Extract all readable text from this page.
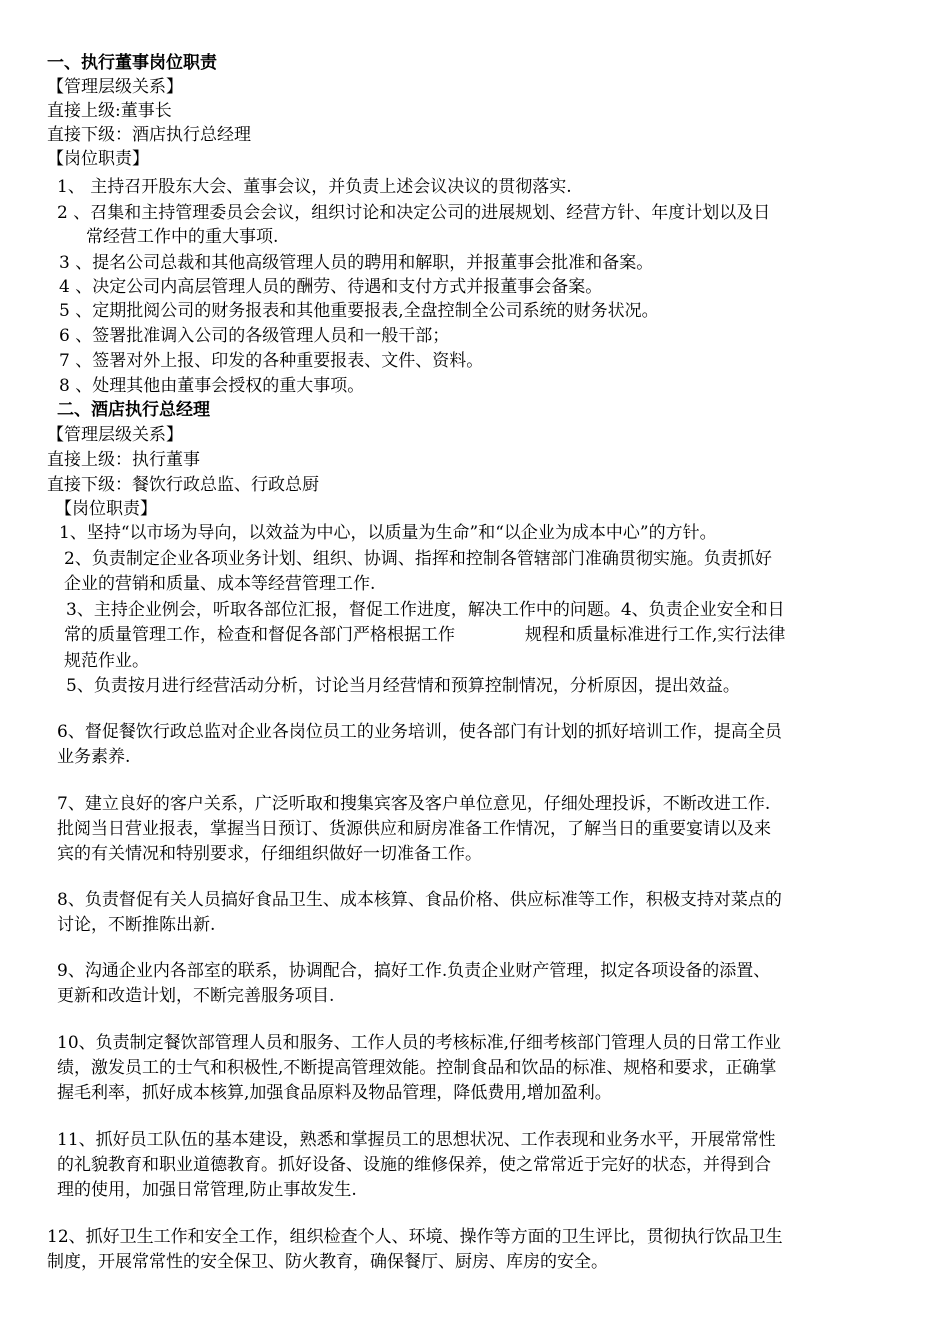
一、执行董事岗位职责
【管理层级关系】
直接上级:董事长
直接下级：酒店执行总经理
【岗位职责】
1、 主持召开股东大会、董事会议，并负责上述会议决议的贯彻落实.
2 、召集和主持管理委员会会议，组织讨论和决定公司的进展规划、经营方针、年度计划以及日
常经营工作中的重大事项.
3 、提名公司总裁和其他高级管理人员的聘用和解职，并报董事会批准和备案。
4 、决定公司内高层管理人员的酬劳、待遇和支付方式并报董事会备案。
5 、定期批阅公司的财务报表和其他重要报表,全盘控制全公司系统的财务状况。
6 、签署批准调入公司的各级管理人员和一般干部；
7 、签署对外上报、印发的各种重要报表、文件、资料。
8 、处理其他由董事会授权的重大事项。
二、酒店执行总经理
【管理层级关系】
直接上级：执行董事
直接下级：餐饮行政总监、行政总厨
【岗位职责】
1、坚持“以市场为导向，以效益为中心，以质量为生命”和“以企业为成本中心”的方针。
2、负责制定企业各项业务计划、组织、协调、指挥和控制各管辖部门准确贯彻实施。负责抓好
企业的营销和质量、成本等经营管理工作.
3、主持企业例会，听取各部位汇报，督促工作进度，解决工作中的问题。4、负责企业安全和日
常的质量管理工作，检查和督促各部门严格根据工作	规程和质量标准进行工作,实行法律
规范作业。
5、负责按月进行经营活动分析，讨论当月经营情和预算控制情况，分析原因，提出效益。
6、督促餐饮行政总监对企业各岗位员工的业务培训，使各部门有计划的抓好培训工作，提高全员
业务素养.
7、建立良好的客户关系，广泛听取和搜集宾客及客户单位意见，仔细处理投诉，不断改进工作.
批阅当日营业报表，掌握当日预订、货源供应和厨房准备工作情况，了解当日的重要宴请以及来
宾的有关情况和特别要求，仔细组织做好一切准备工作。
8、负责督促有关人员搞好食品卫生、成本核算、食品价格、供应标准等工作，积极支持对菜点的
讨论，不断推陈出新.
9、沟通企业内各部室的联系，协调配合，搞好工作.负责企业财产管理，拟定各项设备的添置、
更新和改造计划，不断完善服务项目.
10、负责制定餐饮部管理人员和服务、工作人员的考核标准,仔细考核部门管理人员的日常工作业
绩，激发员工的士气和积极性,不断提高管理效能。控制食品和饮品的标准、规格和要求，正确掌
握毛利率，抓好成本核算,加强食品原料及物品管理，降低费用,增加盈利。
11、抓好员工队伍的基本建设，熟悉和掌握员工的思想状况、工作表现和业务水平，开展常常性
的礼貌教育和职业道德教育。抓好设备、设施的维修保养，使之常常近于完好的状态，并得到合
理的使用，加强日常管理,防止事故发生.
12、抓好卫生工作和安全工作，组织检查个人、环境、操作等方面的卫生评比，贯彻执行饮品卫生
制度，开展常常性的安全保卫、防火教育，确保餐厅、厨房、库房的安全。
